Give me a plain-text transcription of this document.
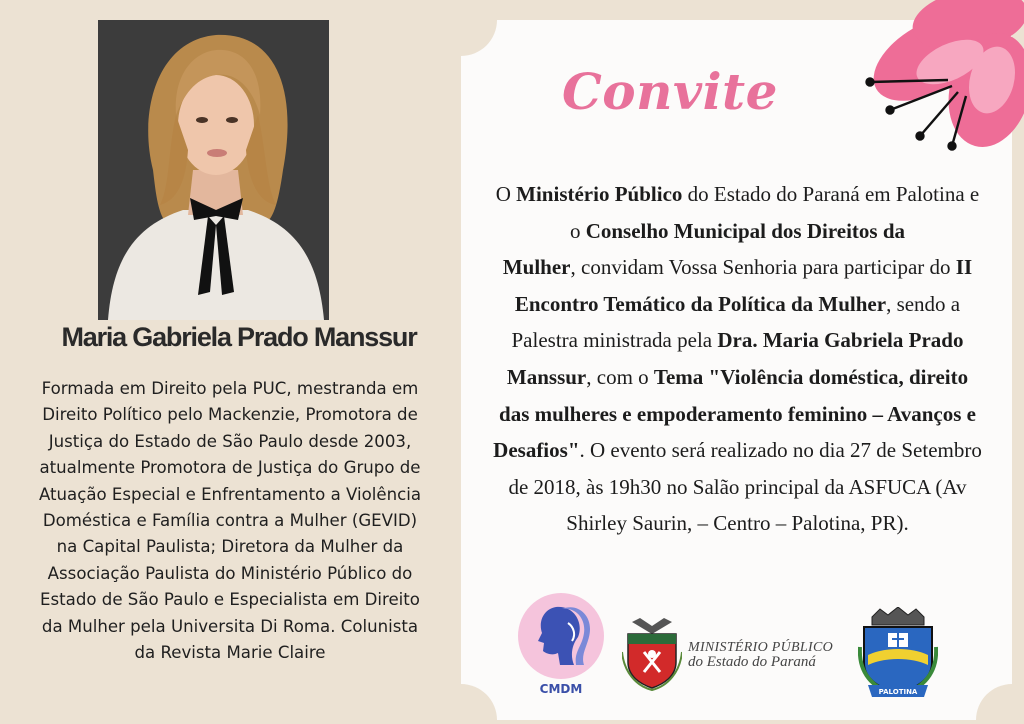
Maria Gabriela Prado Manssur
Formada em Direito pela PUC, mestranda em
Direito Político pelo Mackenzie, Promotora de
Justiça do Estado de São Paulo desde 2003,
atualmente Promotora de Justiça do Grupo de
Atuação Especial e Enfrentamento a Violência
Doméstica e Família contra a Mulher (GEVID)
na Capital Paulista; Diretora da Mulher da
Associação Paulista do Ministério Público do
Estado de São Paulo e Especialista em Direito
da Mulher pela Universita Di Roma. Colunista
da Revista Marie Claire
Convite
O Ministério Público do Estado do Paraná em Palotina e
o Conselho Municipal dos Direitos da
Mulher, convidam Vossa Senhoria para participar do II
Encontro Temático da Política da Mulher, sendo a
Palestra ministrada pela Dra. Maria Gabriela Prado
Manssur, com o Tema "Violência doméstica, direito
das mulheres e empoderamento feminino – Avanços e
Desafios". O evento será realizado no dia 27 de Setembro
de 2018, às 19h30 no Salão principal da ASFUCA (Av
Shirley Saurin, – Centro – Palotina, PR).
CMDM
MINISTÉRIO PÚBLICO
do Estado do Paraná
PALOTINA
